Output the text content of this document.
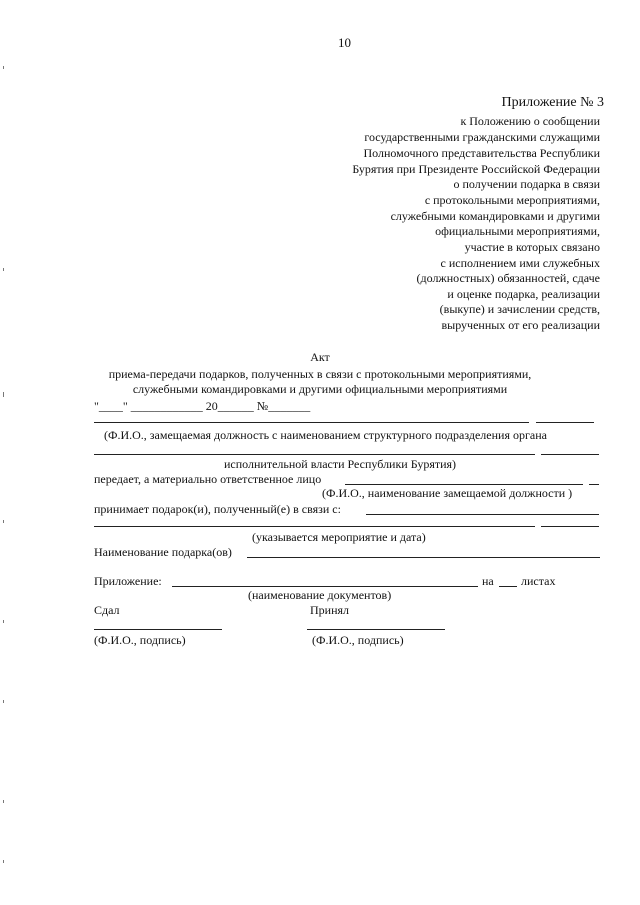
10
Приложение № 3
к Положению о сообщении
государственными гражданскими служащими
Полномочного представительства Республики
Бурятия при Президенте Российской Федерации
о получении подарка в связи
с протокольными мероприятиями,
служебными командировками и другими
официальными мероприятиями,
участие в которых связано
с исполнением ими служебных
(должностных) обязанностей, сдаче
и оценке подарка, реализации
(выкупе) и зачислении средств,
вырученных от его реализации
Акт
приема-передачи подарков, полученных в связи с протокольными мероприятиями,
служебными командировками и другими официальными мероприятиями
"____" ____________ 20______ №_______
(Ф.И.О., замещаемая должность с наименованием структурного подразделения органа
исполнительной власти Республики Бурятия)
передает, а материально ответственное лицо
(Ф.И.О., наименование замещаемой должности )
принимает подарок(и), полученный(е) в связи с:
(указывается мероприятие и дата)
Наименование подарка(ов)
Приложение:	на листах
(наименование документов)
Сдал	Принял
(Ф.И.О., подпись)	(Ф.И.О., подпись)
